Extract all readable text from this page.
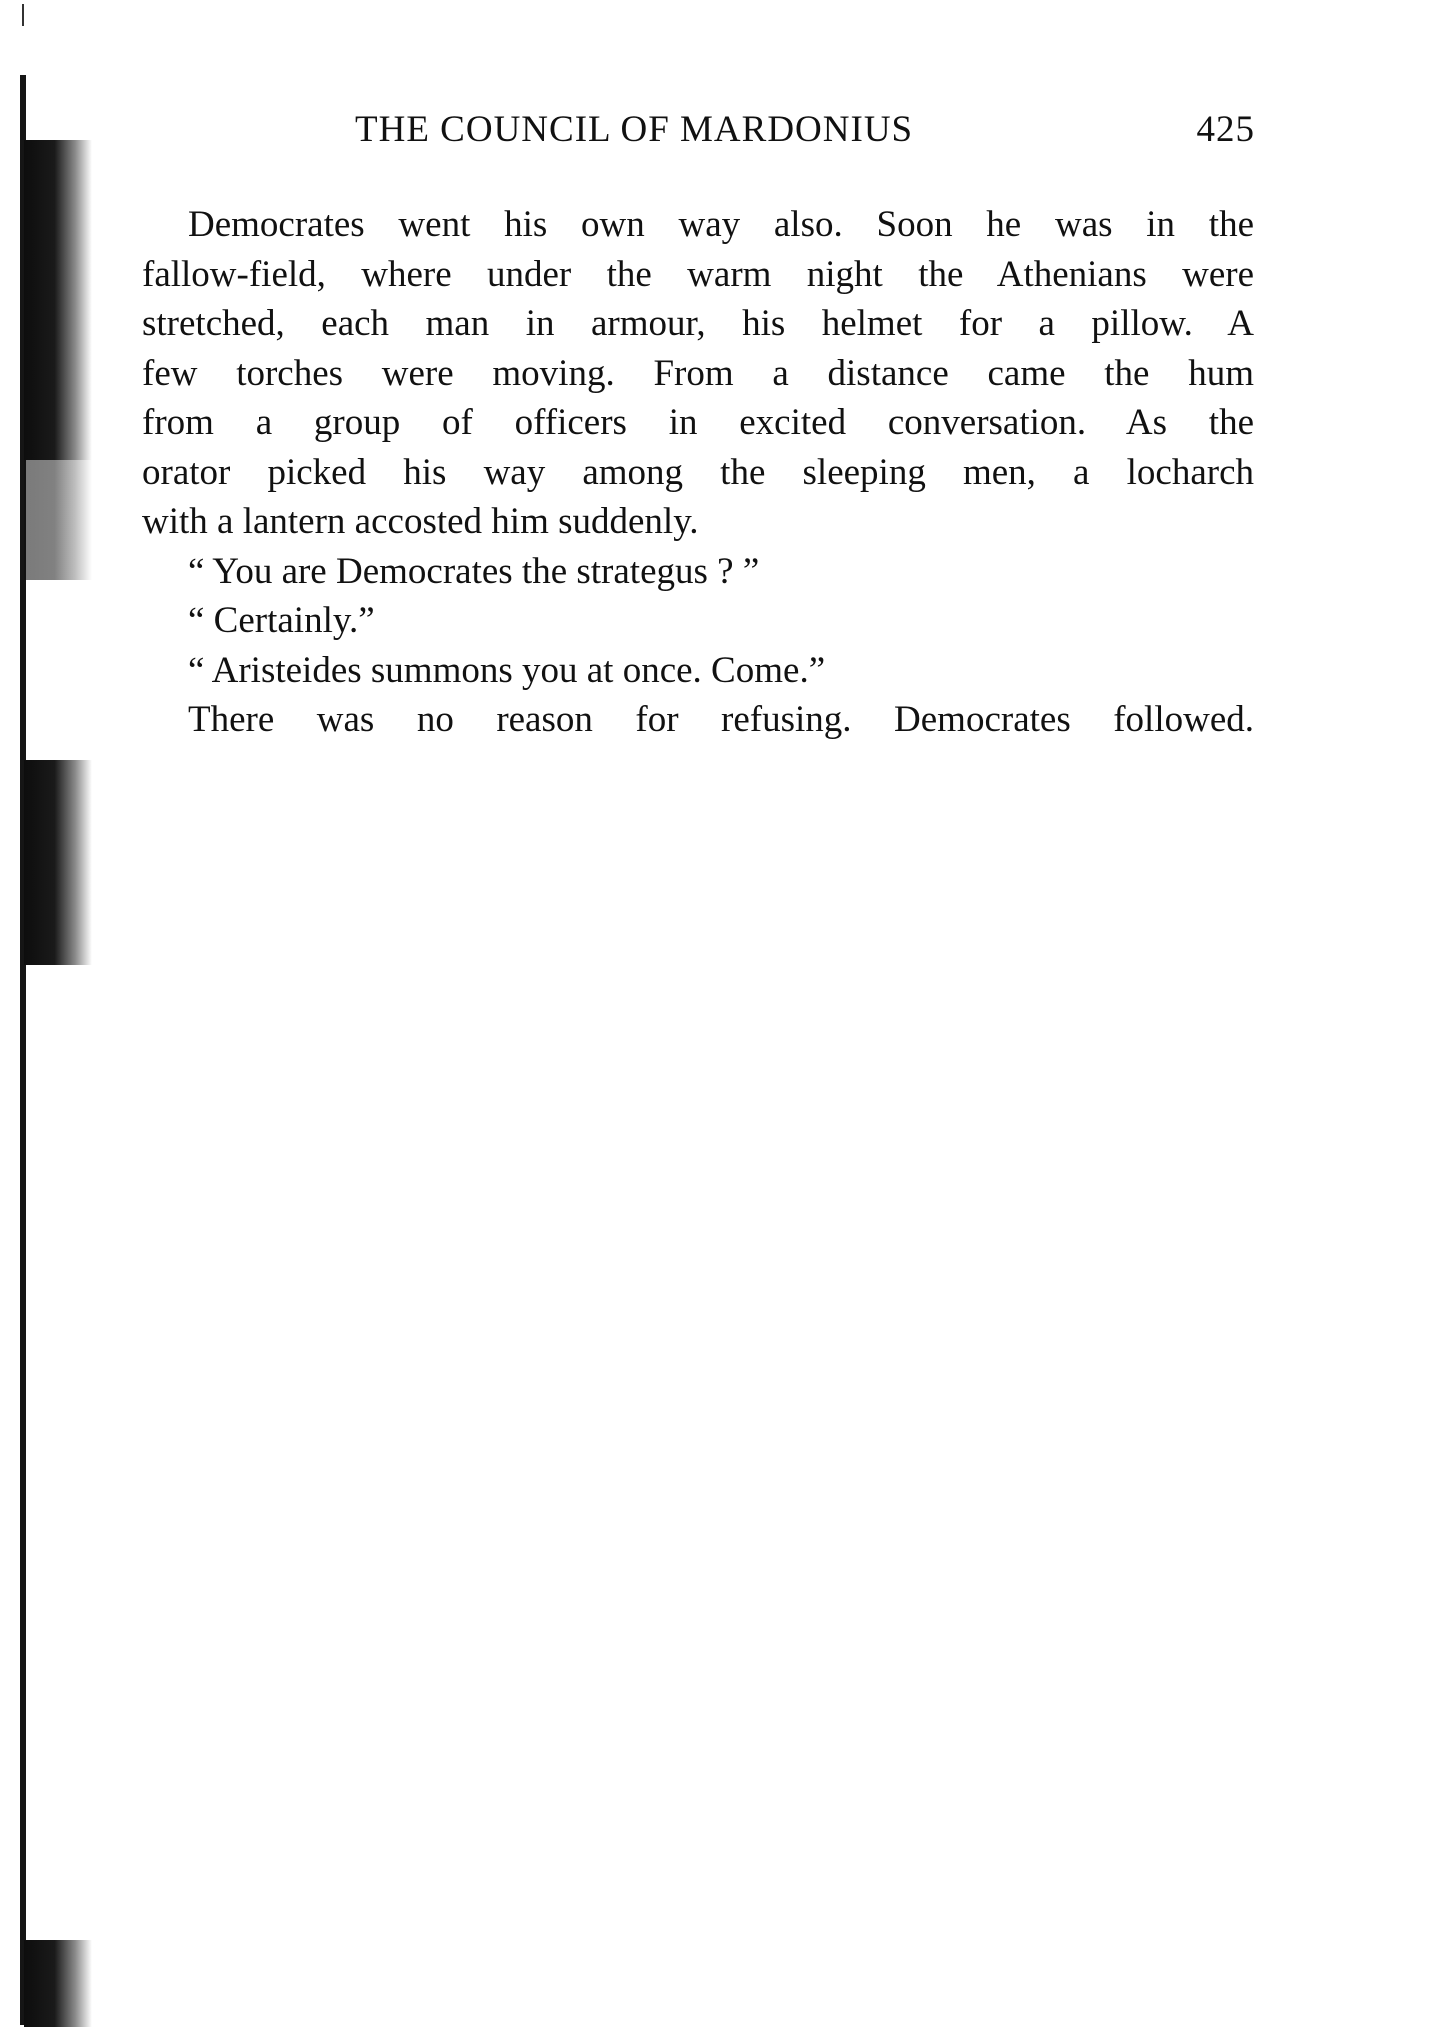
THE COUNCIL OF MARDONIUS	425
Democrates went his own way also. Soon he was in the
fallow-field, where under the warm night the Athenians were
stretched, each man in armour, his helmet for a pillow. A
few torches were moving. From a distance came the hum
from a group of officers in excited conversation. As the
orator picked his way among the sleeping men, a locharch
with a lantern accosted him suddenly.
“ You are Democrates the strategus ? ”
“ Certainly.”
“ Aristeides summons you at once. Come.”
There was no reason for refusing. Democrates followed.
